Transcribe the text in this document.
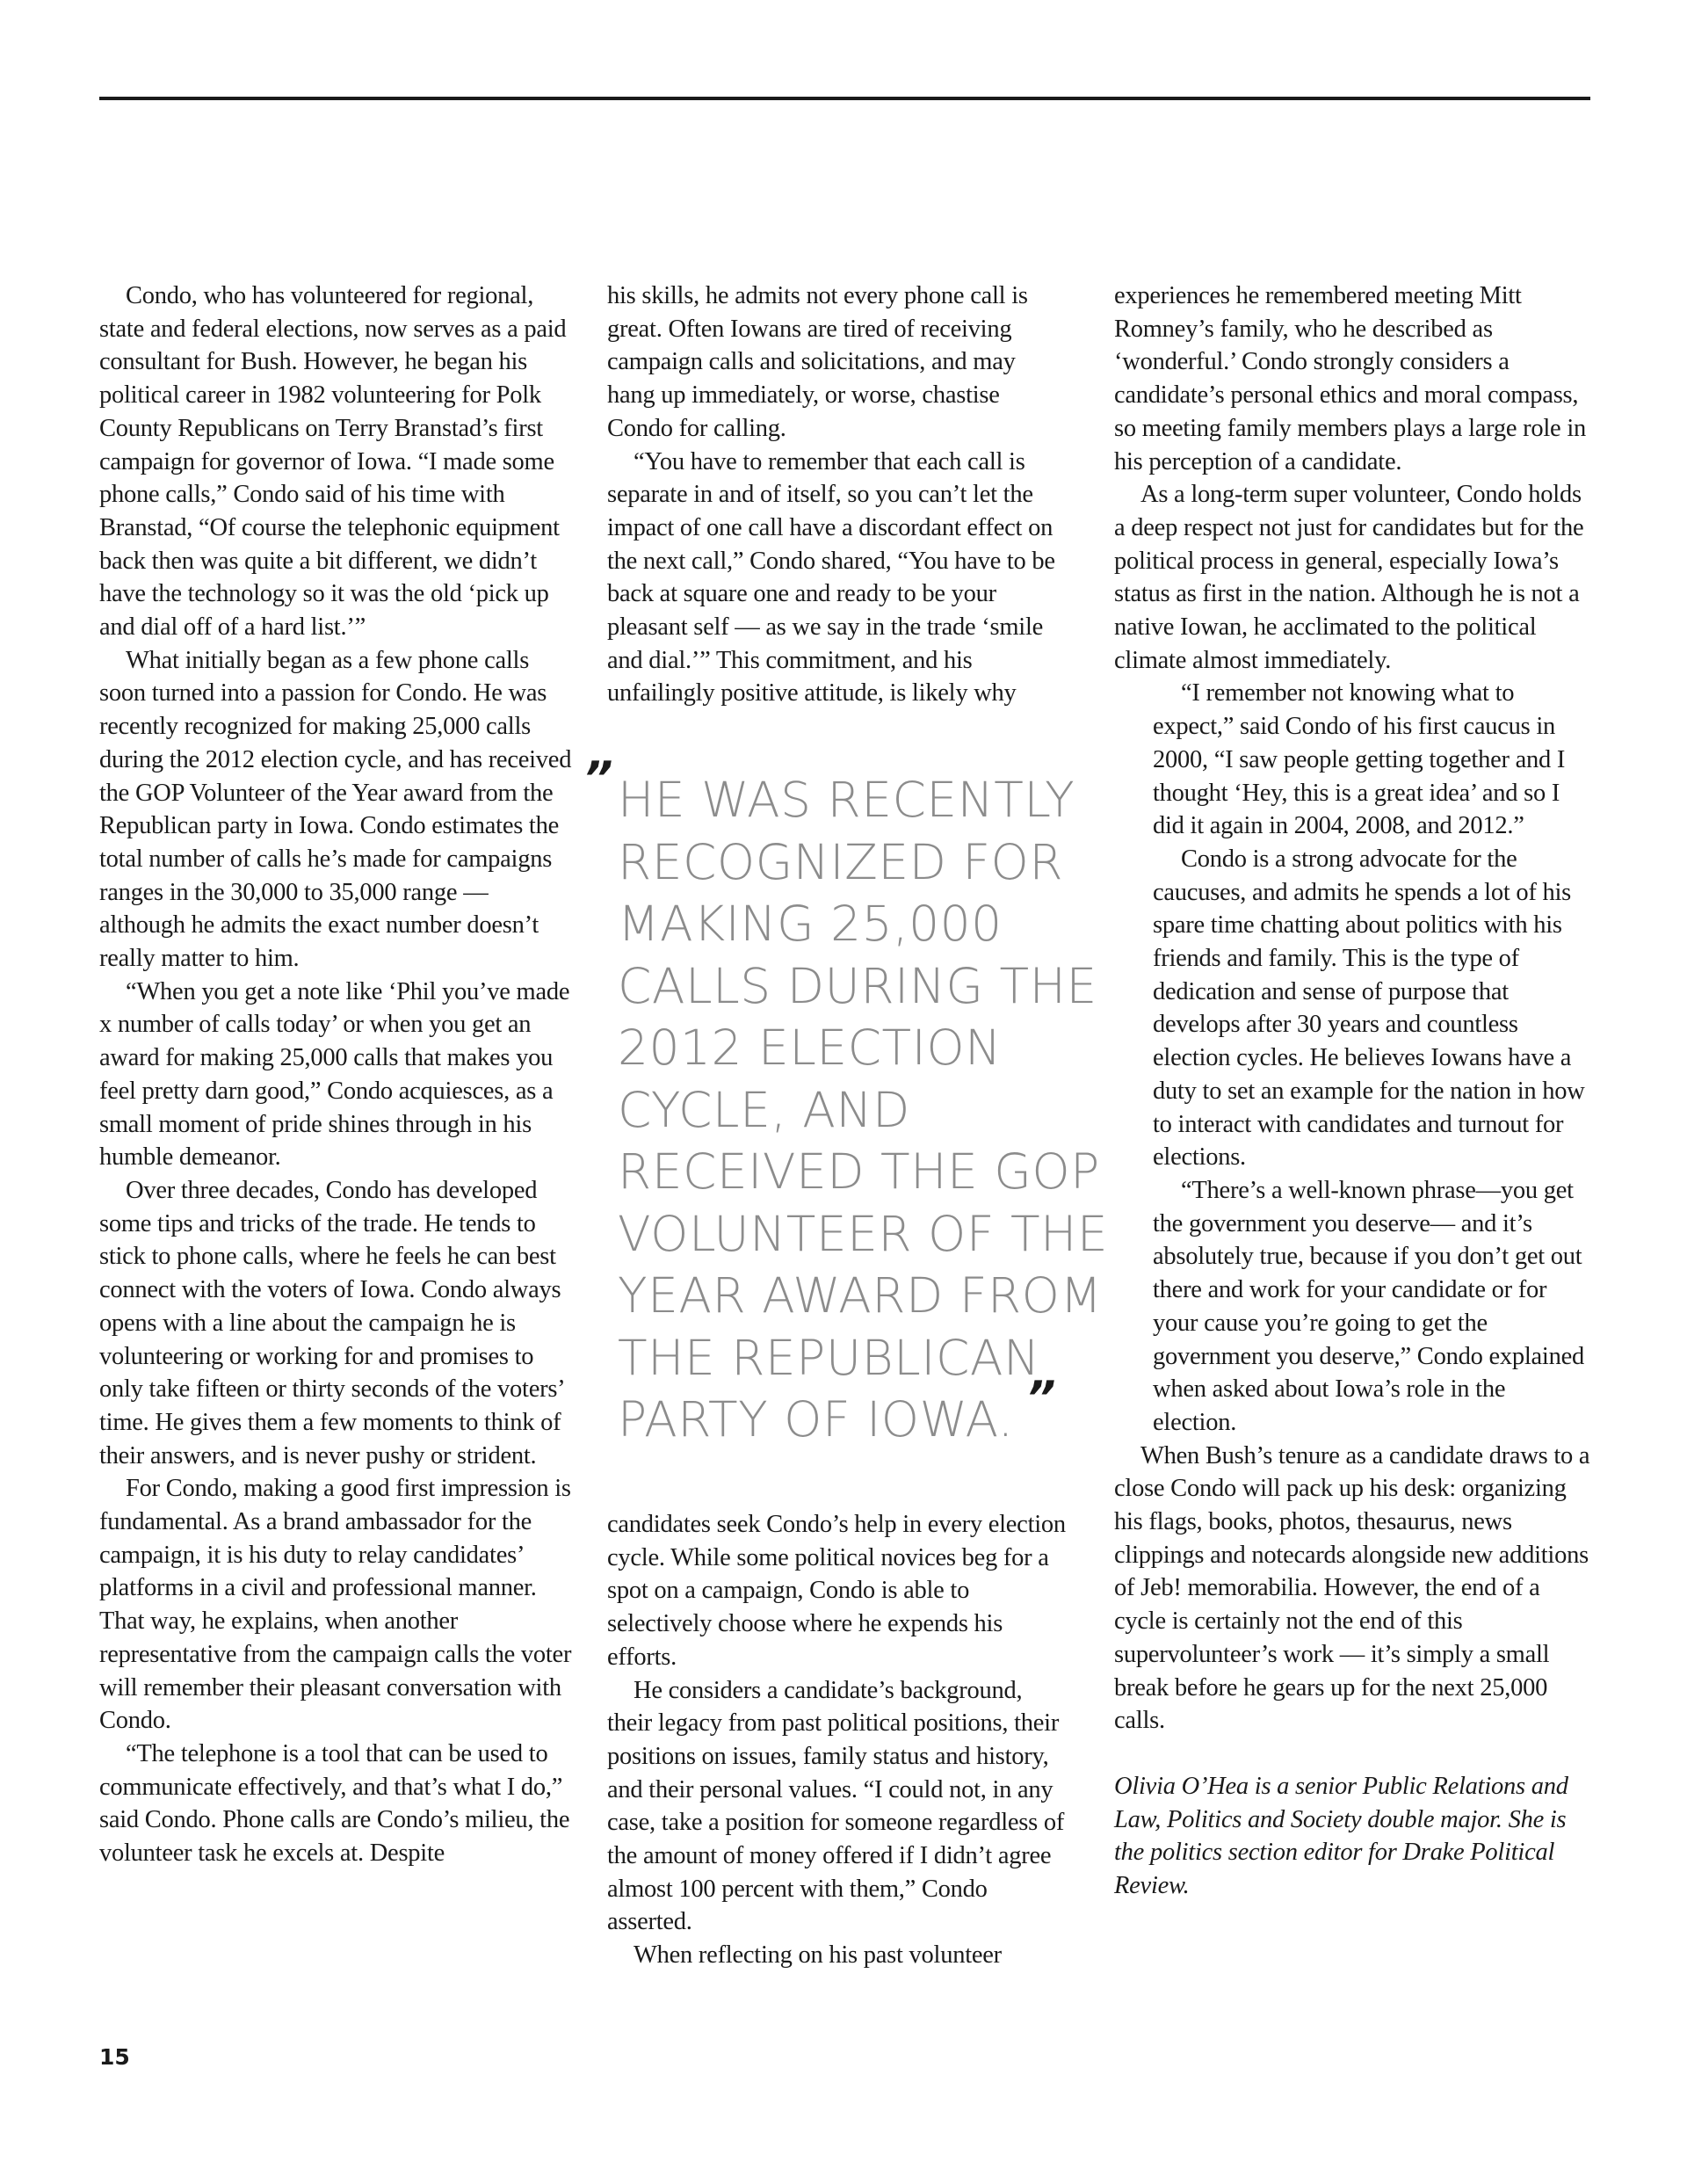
Condo, who has volunteered for regional, state and federal elections, now serves as a paid consultant for Bush. However, he began his political career in 1982 volunteering for Polk County Republicans on Terry Branstad’s first campaign for governor of Iowa. “I made some phone calls,” Condo said of his time with Branstad, “Of course the telephonic equipment back then was quite a bit different, we didn’t have the technology so it was the old ‘pick up and dial off of a hard list.’”

What initially began as a few phone calls soon turned into a passion for Condo. He was recently recognized for making 25,000 calls during the 2012 election cycle, and has received the GOP Volunteer of the Year award from the Republican party in Iowa. Condo estimates the total number of calls he’s made for campaigns ranges in the 30,000 to 35,000 range — although he admits the exact number doesn’t really matter to him.

“When you get a note like ‘Phil you’ve made x number of calls today’ or when you get an award for making 25,000 calls that makes you feel pretty darn good,” Condo acquiesces, as a small moment of pride shines through in his humble demeanor.

Over three decades, Condo has developed some tips and tricks of the trade. He tends to stick to phone calls, where he feels he can best connect with the voters of Iowa. Condo always opens with a line about the campaign he is volunteering or working for and promises to only take fifteen or thirty seconds of the voters’ time. He gives them a few moments to think of their answers, and is never pushy or strident.

For Condo, making a good first impression is fundamental. As a brand ambassador for the campaign, it is his duty to relay candidates’ platforms in a civil and professional manner. That way, he explains, when another representative from the campaign calls the voter will remember their pleasant conversation with Condo.

“The telephone is a tool that can be used to communicate effectively, and that’s what I do,” said Condo. Phone calls are Condo’s milieu, the volunteer task he excels at. Despite

his skills, he admits not every phone call is great. Often Iowans are tired of receiving campaign calls and solicitations, and may hang up immediately, or worse, chastise Condo for calling.

“You have to remember that each call is separate in and of itself, so you can’t let the impact of one call have a discordant effect on the next call,” Condo shared, “You have to be back at square one and ready to be your pleasant self — as we say in the trade ‘smile and dial.’” This commitment, and his unfailingly positive attitude, is likely why

” HE WAS RECENTLY
RECOGNIZED FOR
MAKING 25,000
CALLS DURING THE
2012 ELECTION
CYCLE, AND
RECEIVED THE GOP
VOLUNTEER OF THE
YEAR AWARD FROM
THE REPUBLICAN
PARTY OF IOWA. ”

candidates seek Condo’s help in every election cycle. While some political novices beg for a spot on a campaign, Condo is able to selectively choose where he expends his efforts.

He considers a candidate’s background, their legacy from past political positions, their positions on issues, family status and history, and their personal values. “I could not, in any case, take a position for someone regardless of the amount of money offered if I didn’t agree almost 100 percent with them,” Condo asserted.

When reflecting on his past volunteer

experiences he remembered meeting Mitt Romney’s family, who he described as ‘wonderful.’ Condo strongly considers a candidate’s personal ethics and moral compass, so meeting family members plays a large role in his perception of a candidate.

As a long-term super volunteer, Condo holds a deep respect not just for candidates but for the political process in general, especially Iowa’s status as first in the nation. Although he is not a native Iowan, he acclimated to the political climate almost immediately.

“I remember not knowing what to expect,” said Condo of his first caucus in 2000, “I saw people getting together and I thought ‘Hey, this is a great idea’ and so I did it again in 2004, 2008, and 2012.”

Condo is a strong advocate for the caucuses, and admits he spends a lot of his spare time chatting about politics with his friends and family. This is the type of dedication and sense of purpose that develops after 30 years and countless election cycles. He believes Iowans have a duty to set an example for the nation in how to interact with candidates and turnout for elections.

“There’s a well-known phrase—you get the government you deserve— and it’s absolutely true, because if you don’t get out there and work for your candidate or for your cause you’re going to get the government you deserve,” Condo explained when asked about Iowa’s role in the election.

When Bush’s tenure as a candidate draws to a close Condo will pack up his desk: organizing his flags, books, photos, thesaurus, news clippings and notecards alongside new additions of Jeb! memorabilia. However, the end of a cycle is certainly not the end of this supervolunteer’s work — it’s simply a small break before he gears up for the next 25,000 calls.

Olivia O’Hea is a senior Public Relations and Law, Politics and Society double major. She is the politics section editor for Drake Political Review.

15
